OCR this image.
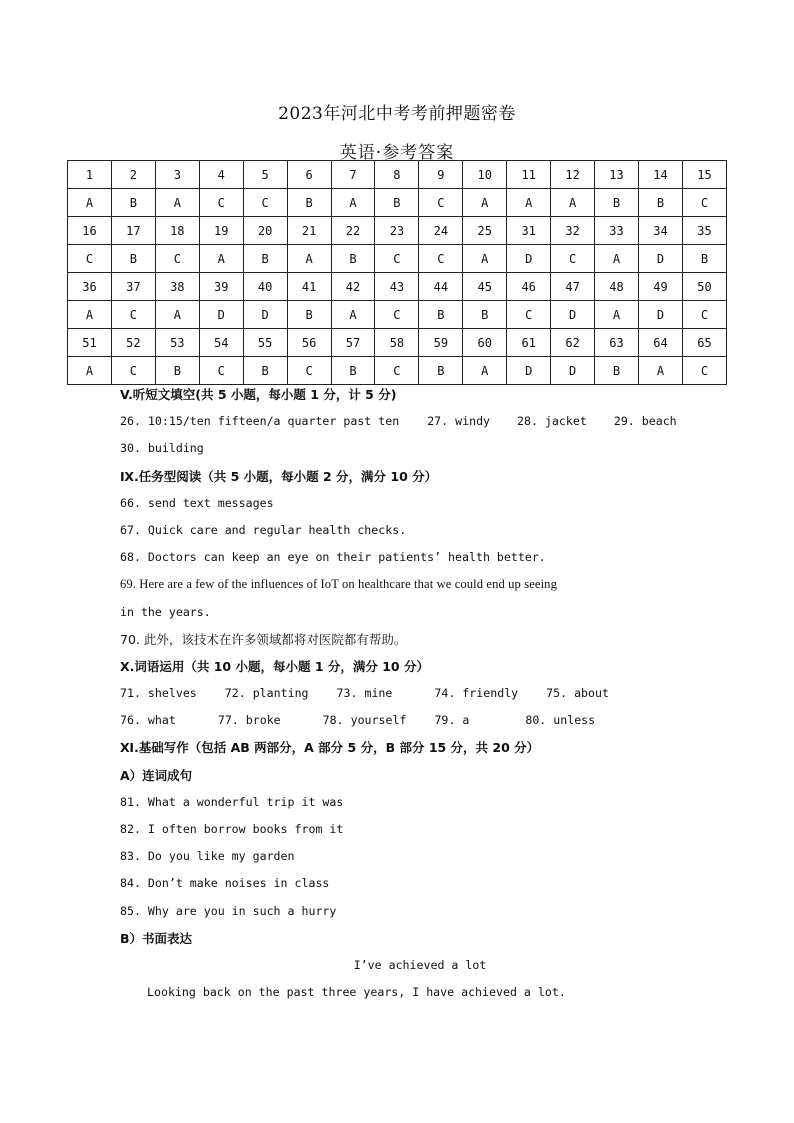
2023年河北中考考前押题密卷
英语·参考答案
1	2	3	4	5	6	7	8	9	10	11	12	13	14	15
A	B	A	C	C	B	A	B	C	A	A	A	B	B	C
16	17	18	19	20	21	22	23	24	25	31	32	33	34	35
C	B	C	A	B	A	B	C	C	A	D	C	A	D	B
36	37	38	39	40	41	42	43	44	45	46	47	48	49	50
A	C	A	D	D	B	A	C	B	B	C	D	A	D	C
51	52	53	54	55	56	57	58	59	60	61	62	63	64	65
A	C	B	C	B	C	B	C	B	A	D	D	B	A	C
V.听短文填空(共 5 小题，每小题 1 分，计 5 分)
26. 10:15/ten fifteen/a quarter past ten 27. windy 28. jacket 29. beach
30. building
Ⅸ.任务型阅读（共 5 小题，每小题 2 分，满分 10 分）
66. send text messages
67. Quick care and regular health checks.
68. Doctors can keep an eye on their patients’ health better.
69. Here are a few of the influences of IoT on healthcare that we could end up seeing
in the years.
70. 此外，该技术在许多领域都将对医院都有帮助。
X.词语运用（共 10 小题，每小题 1 分，满分 10 分）
71. shelves 72. planting 73. mine	74. friendly 75. about
76. what	77. broke	78. yourself 79. a	80. unless
Ⅺ.基础写作（包括 AB 两部分，A 部分 5 分，B 部分 15 分，共 20 分）
A）连词成句
81. What a wonderful trip it was
82. I often borrow books from it
83. Do you like my garden
84. Don’t make noises in class
85. Why are you in such a hurry
B）书面表达
I’ve achieved a lot
Looking back on the past three years, I have achieved a lot.
